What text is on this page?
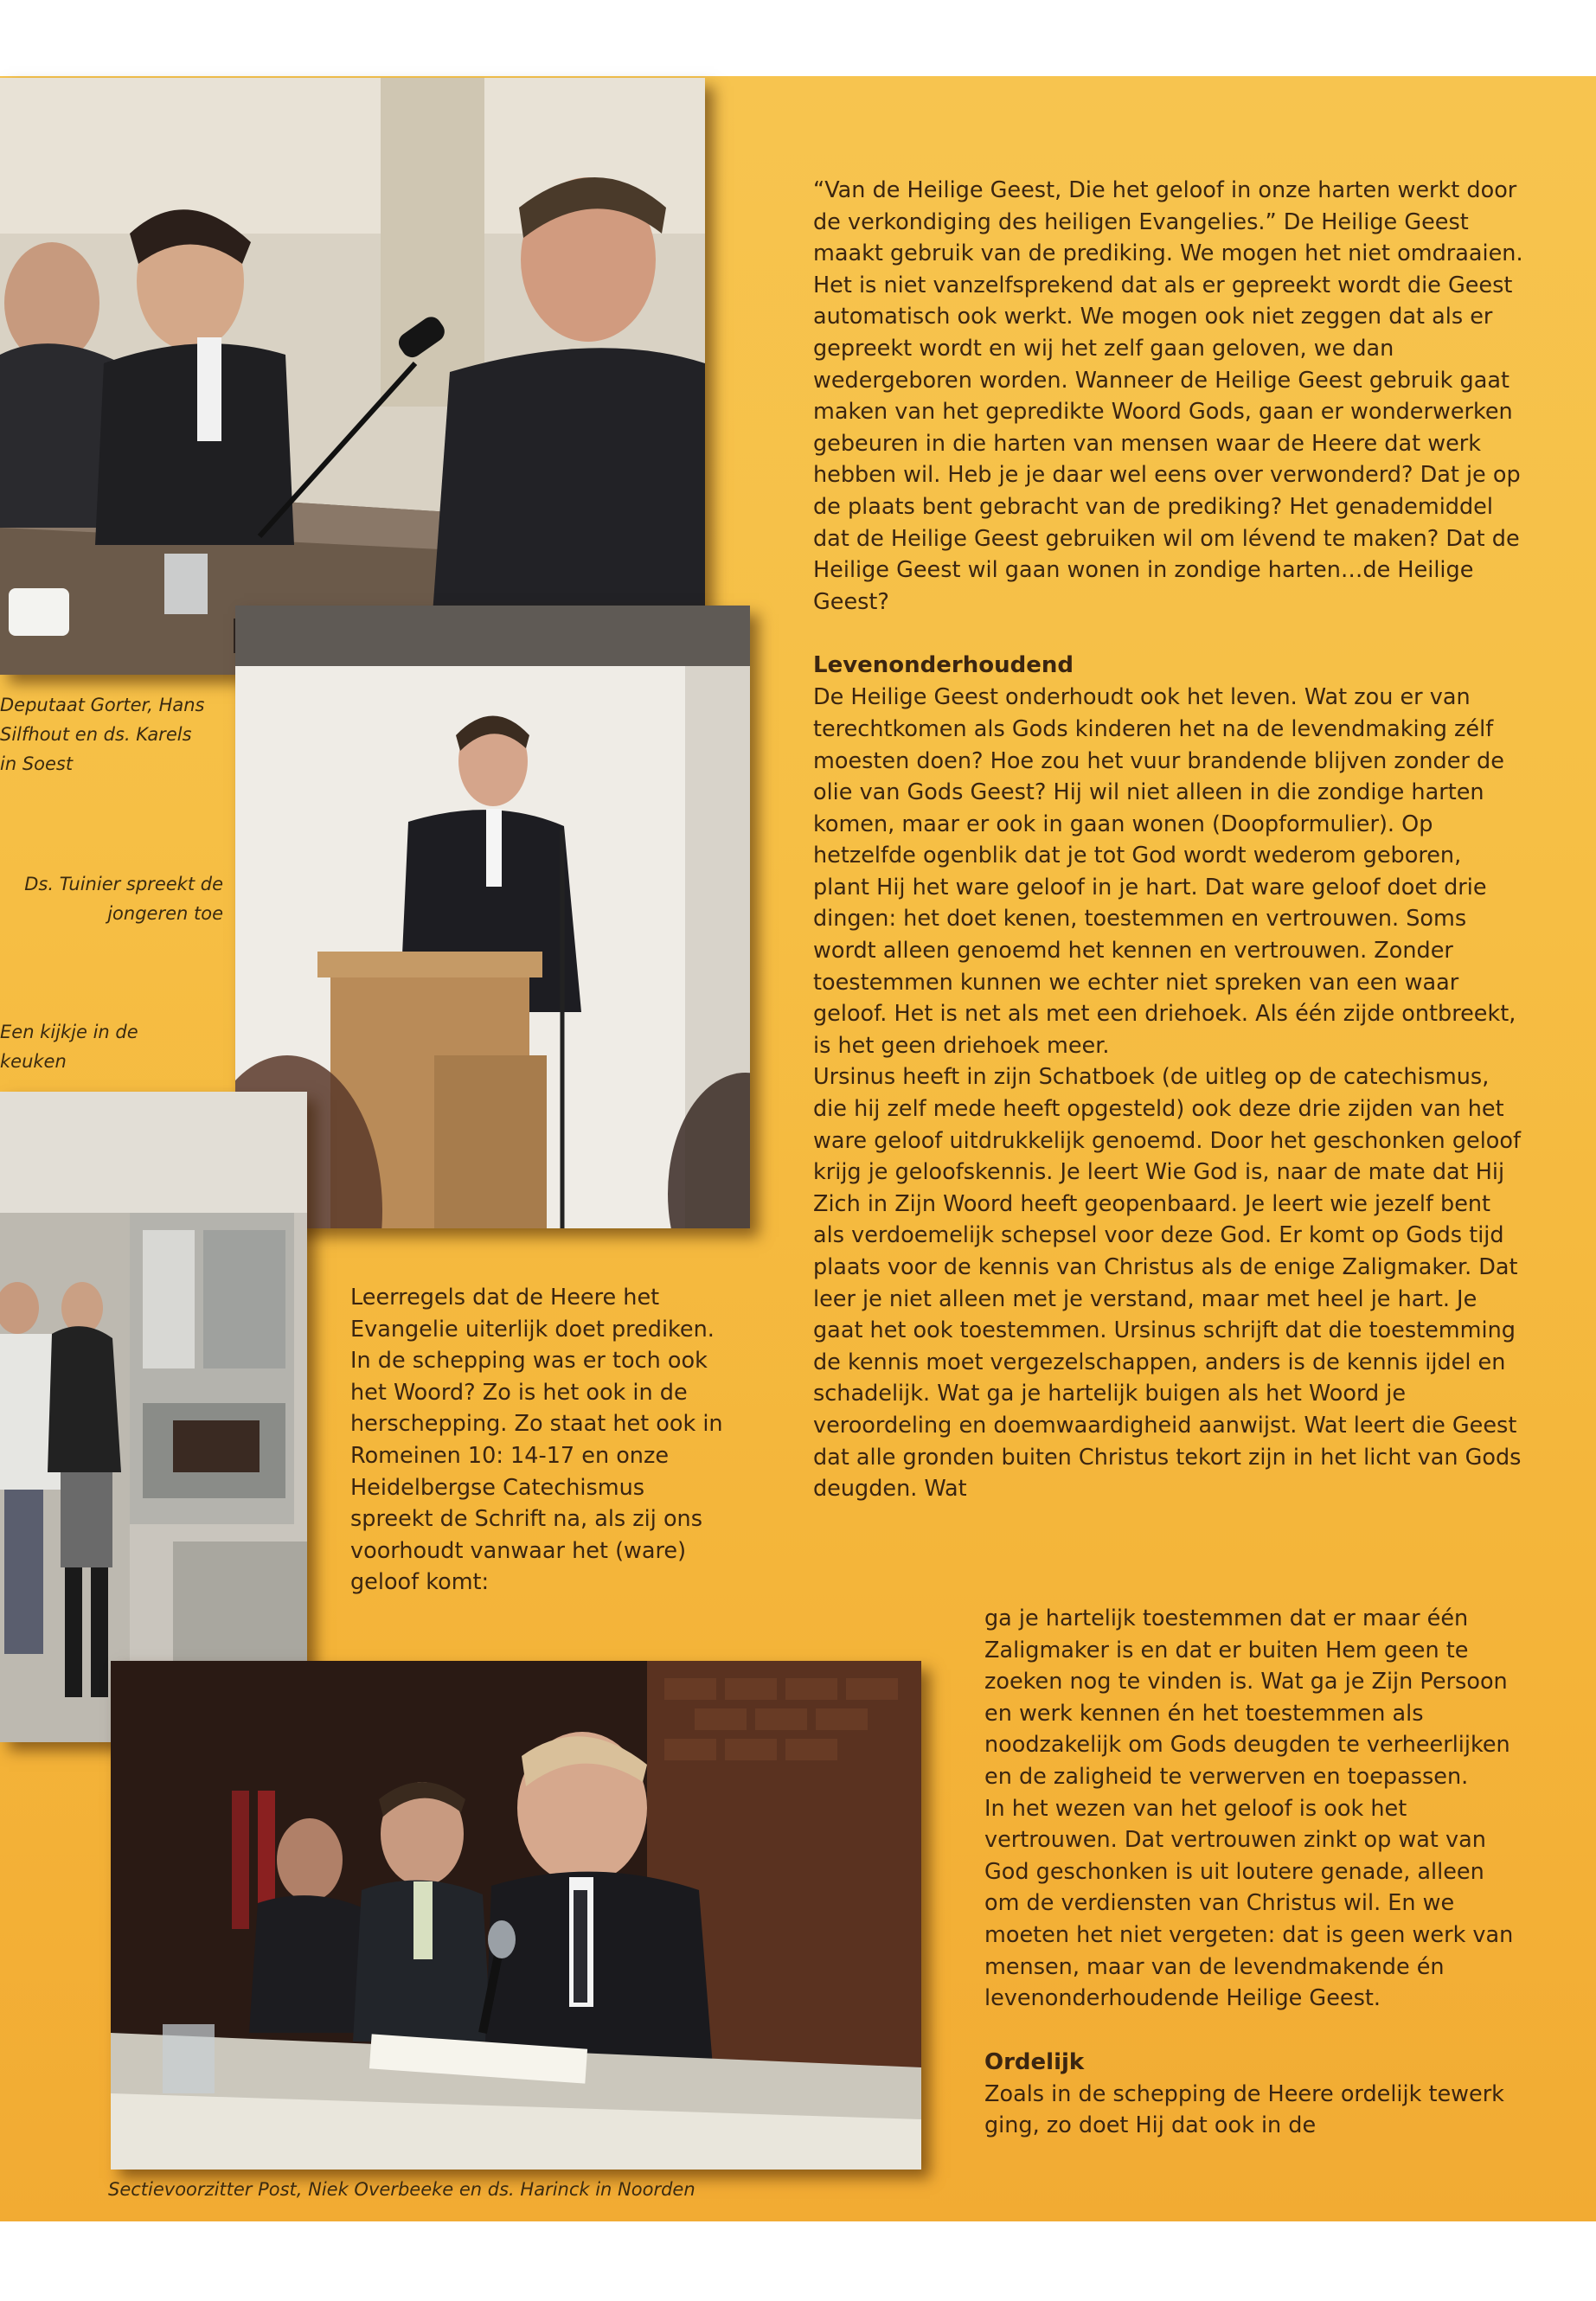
Deputaat Gorter, Hans Silfhout en ds. Karels in Soest
Ds. Tuinier spreekt de jongeren toe
Een kijkje in de keuken

Leerregels dat de Heere het Evangelie uiterlijk doet prediken. In de schepping was er toch ook het Woord? Zo is het ook in de herschepping. Zo staat het ook in Romeinen 10: 14-17 en onze Heidelbergse Catechismus spreekt de Schrift na, als zij ons voorhoudt vanwaar het (ware) geloof komt:

Sectievoorzitter Post, Niek Overbeeke en ds. Harinck in Noorden

“Van de Heilige Geest, Die het geloof in onze harten werkt door de verkondiging des heiligen Evangelies.” De Heilige Geest maakt gebruik van de prediking. We mogen het niet omdraaien. Het is niet vanzelfsprekend dat als er gepreekt wordt die Geest automatisch ook werkt. We mogen ook niet zeggen dat als er gepreekt wordt en wij het zelf gaan geloven, we dan wedergeboren worden. Wanneer de Heilige Geest gebruik gaat maken van het gepredikte Woord Gods, gaan er wonderwerken gebeuren in die harten van mensen waar de Heere dat werk hebben wil. Heb je je daar wel eens over verwonderd? Dat je op de plaats bent gebracht van de prediking? Het genademiddel dat de Heilige Geest gebruiken wil om lévend te maken? Dat de Heilige Geest wil gaan wonen in zondige harten…de Heilige Geest?

Levenonderhoudend

De Heilige Geest onderhoudt ook het leven. Wat zou er van terechtkomen als Gods kinderen het na de levendmaking zélf moesten doen? Hoe zou het vuur brandende blijven zonder de olie van Gods Geest? Hij wil niet alleen in die zondige harten komen, maar er ook in gaan wonen (Doopformulier). Op hetzelfde ogenblik dat je tot God wordt wederom geboren, plant Hij het ware geloof in je hart. Dat ware geloof doet drie dingen: het doet kenen, toestemmen en vertrouwen. Soms wordt alleen genoemd het kennen en vertrouwen. Zonder toestemmen kunnen we echter niet spreken van een waar geloof. Het is net als met een driehoek. Als één zijde ontbreekt, is het geen driehoek meer.

Ursinus heeft in zijn Schatboek (de uitleg op de catechismus, die hij zelf mede heeft opgesteld) ook deze drie zijden van het ware geloof uitdrukkelijk genoemd. Door het geschonken geloof krijg je geloofskennis. Je leert Wie God is, naar de mate dat Hij Zich in Zijn Woord heeft geopenbaard. Je leert wie jezelf bent als verdoemelijk schepsel voor deze God. Er komt op Gods tijd plaats voor de kennis van Christus als de enige Zaligmaker. Dat leer je niet alleen met je verstand, maar met heel je hart. Je gaat het ook toestemmen. Ursinus schrijft dat die toestemming de kennis moet vergezelschappen, anders is de kennis ijdel en schadelijk. Wat ga je hartelijk buigen als het Woord je veroordeling en doemwaardigheid aanwijst. Wat leert die Geest dat alle gronden buiten Christus tekort zijn in het licht van Gods deugden. Wat

ga je hartelijk toestemmen dat er maar één Zaligmaker is en dat er buiten Hem geen te zoeken nog te vinden is. Wat ga je Zijn Persoon en werk kennen én het toestemmen als noodzakelijk om Gods deugden te verheerlijken en de zaligheid te verwerven en toepassen.

In het wezen van het geloof is ook het vertrouwen. Dat vertrouwen zinkt op wat van God geschonken is uit loutere genade, alleen om de verdiensten van Christus wil. En we moeten het niet vergeten: dat is geen werk van mensen, maar van de levendmakende én levenonderhoudende Heilige Geest.

Ordelijk

Zoals in de schepping de Heere ordelijk tewerk ging, zo doet Hij dat ook in de
